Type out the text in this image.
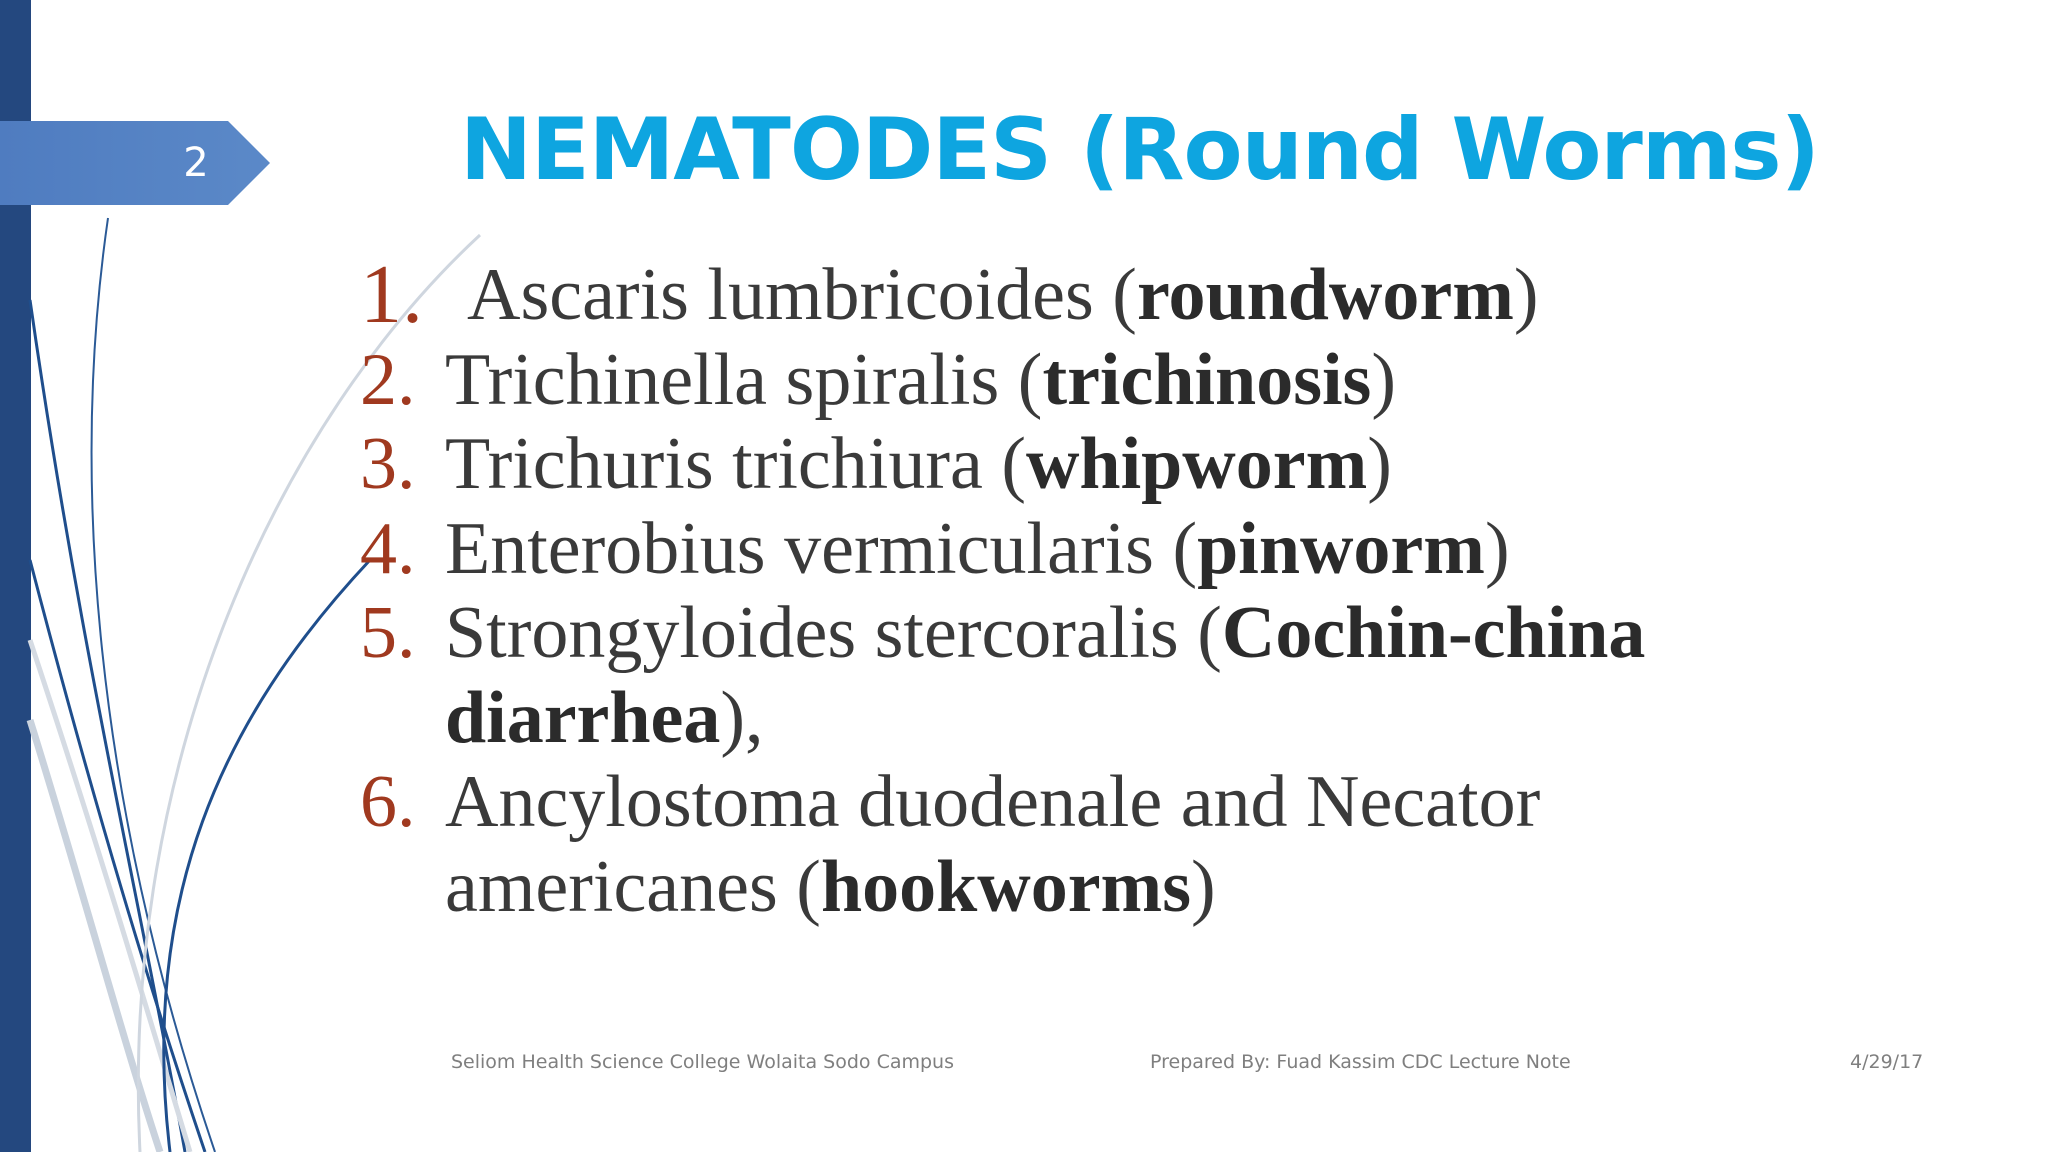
2	NEMATODES (Round Worms)
1. Ascaris lumbricoides (roundworm)
2. Trichinella spiralis (trichinosis)
3. Trichuris trichiura (whipworm)
4. Enterobius vermicularis (pinworm)
5. Strongyloides stercoralis (Cochin-china diarrhea),
6. Ancylostoma duodenale and Necator americanes (hookworms)
Seliom Health Science College Wolaita Sodo Campus	Prepared By: Fuad Kassim CDC Lecture Note	4/29/17
